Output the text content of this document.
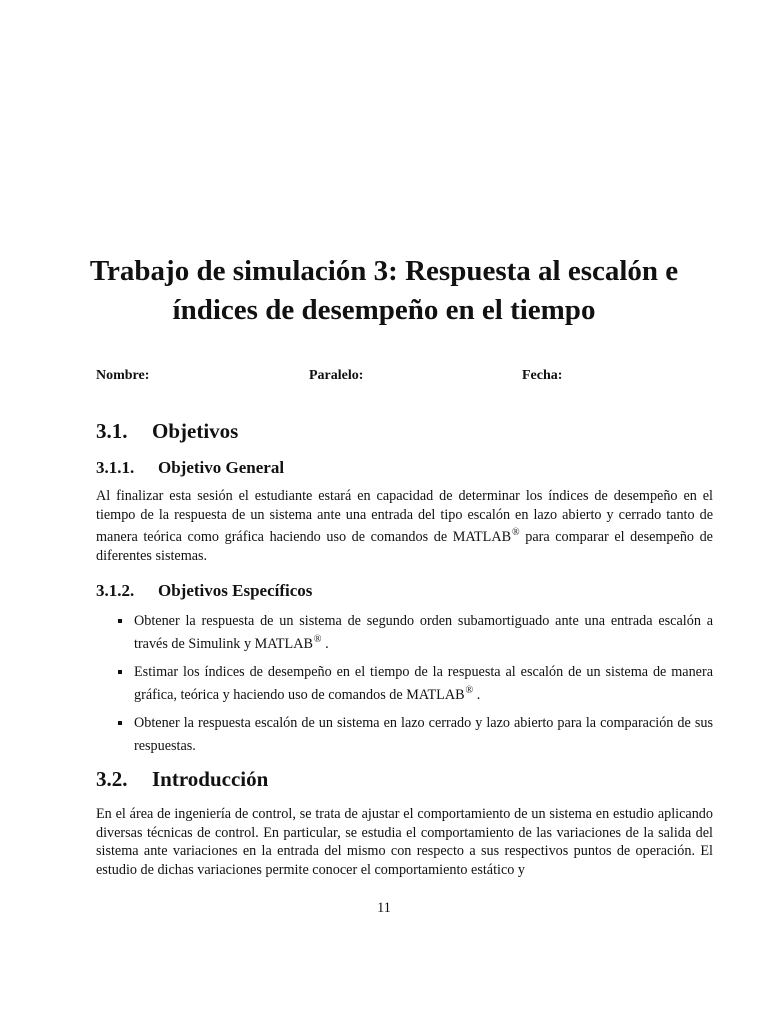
Trabajo de simulación 3: Respuesta al escalón e índices de desempeño en el tiempo
Nombre:	Paralelo:	Fecha:
3.1. Objetivos
3.1.1. Objetivo General
Al finalizar esta sesión el estudiante estará en capacidad de determinar los índices de desempeño en el tiempo de la respuesta de un sistema ante una entrada del tipo escalón en lazo abierto y cerrado tanto de manera teórica como gráfica haciendo uso de comandos de MATLAB® para comparar el desempeño de diferentes sistemas.
3.1.2. Objetivos Específicos
Obtener la respuesta de un sistema de segundo orden subamortiguado ante una entrada escalón a través de Simulink y MATLAB® .
Estimar los índices de desempeño en el tiempo de la respuesta al escalón de un sistema de manera gráfica, teórica y haciendo uso de comandos de MATLAB® .
Obtener la respuesta escalón de un sistema en lazo cerrado y lazo abierto para la comparación de sus respuestas.
3.2. Introducción
En el área de ingeniería de control, se trata de ajustar el comportamiento de un sistema en estudio aplicando diversas técnicas de control. En particular, se estudia el comportamiento de las variaciones de la salida del sistema ante variaciones en la entrada del mismo con respecto a sus respectivos puntos de operación. El estudio de dichas variaciones permite conocer el comportamiento estático y
11
